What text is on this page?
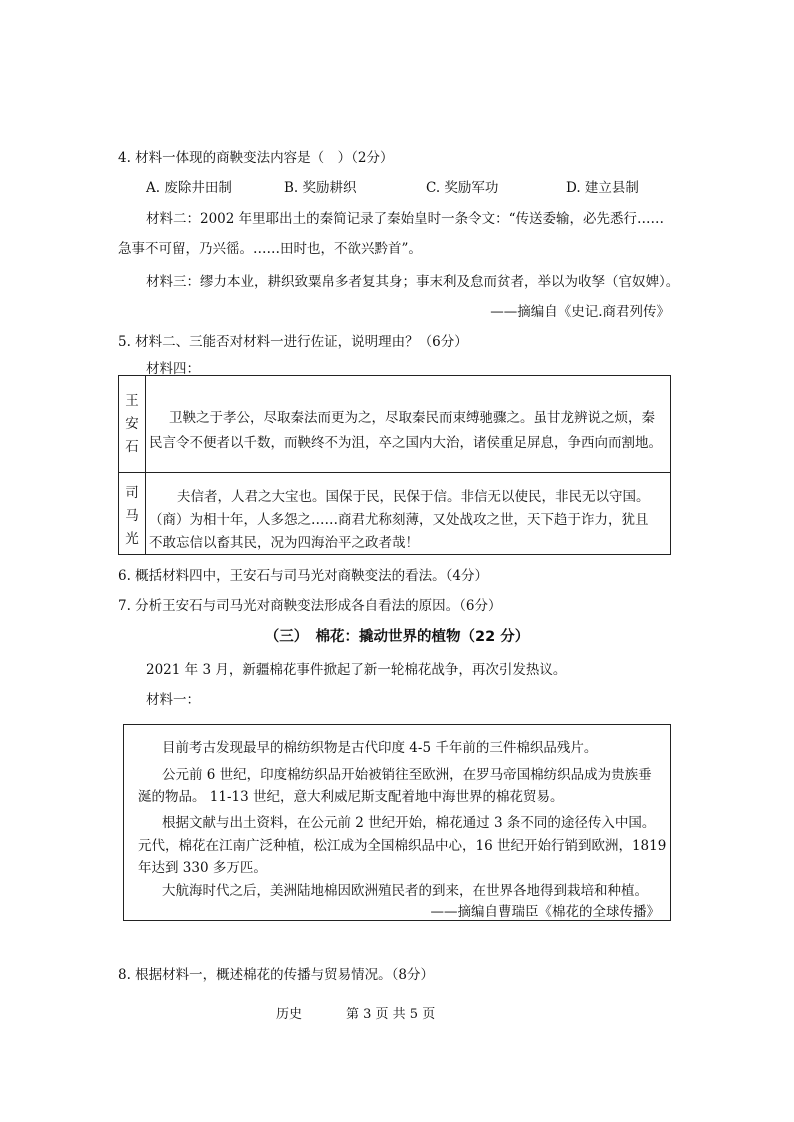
4. 材料一体现的商鞅变法内容是（　）（2分）
A. 废除井田制	B. 奖励耕织	C. 奖励军功	D. 建立县制
材料二：2002 年里耶出土的秦简记录了秦始皇时一条令文：“传送委输，必先悉行……
急事不可留，乃兴徭。……田时也，不欲兴黔首”。
材料三：缪力本业，耕织致粟帛多者复其身；事末利及怠而贫者，举以为收孥（官奴婢）。
——摘编自《史记.商君列传》
5. 材料二、三能否对材料一进行佐证，说明理由？（6分）
材料四：
王
安
石
卫鞅之于孝公，尽取秦法而更为之，尽取秦民而束缚驰骤之。虽甘龙辨说之烦，秦
民言令不便者以千数，而鞅终不为沮，卒之国内大治，诸侯重足屏息，争西向而割地。
司
马
光
夫信者，人君之大宝也。国保于民，民保于信。非信无以使民，非民无以守国。
（商）为相十年，人多怨之……商君尤称刻薄，又处战攻之世，天下趋于诈力，犹且
不敢忘信以畜其民，况为四海治平之政者哉！
6. 概括材料四中，王安石与司马光对商鞅变法的看法。（4分）
7. 分析王安石与司马光对商鞅变法形成各自看法的原因。（6分）
（三）　棉花：撬动世界的植物（22 分）
2021 年 3 月，新疆棉花事件掀起了新一轮棉花战争，再次引发热议。
材料一：
目前考古发现最早的棉纺织物是古代印度 4-5 千年前的三件棉织品残片。
公元前 6 世纪，印度棉纺织品开始被销往至欧洲，在罗马帝国棉纺织品成为贵族垂
涎的物品。 11-13 世纪，意大利威尼斯支配着地中海世界的棉花贸易。
根据文献与出土资料，在公元前 2 世纪开始，棉花通过 3 条不同的途径传入中国。
元代，棉花在江南广泛种植，松江成为全国棉织品中心，16 世纪开始行销到欧洲，1819
年达到 330 多万匹。
大航海时代之后，美洲陆地棉因欧洲殖民者的到来，在世界各地得到栽培和种植。
——摘编自曹瑞臣《棉花的全球传播》
8. 根据材料一，概述棉花的传播与贸易情况。（8分）
历史	第 3 页 共 5 页
